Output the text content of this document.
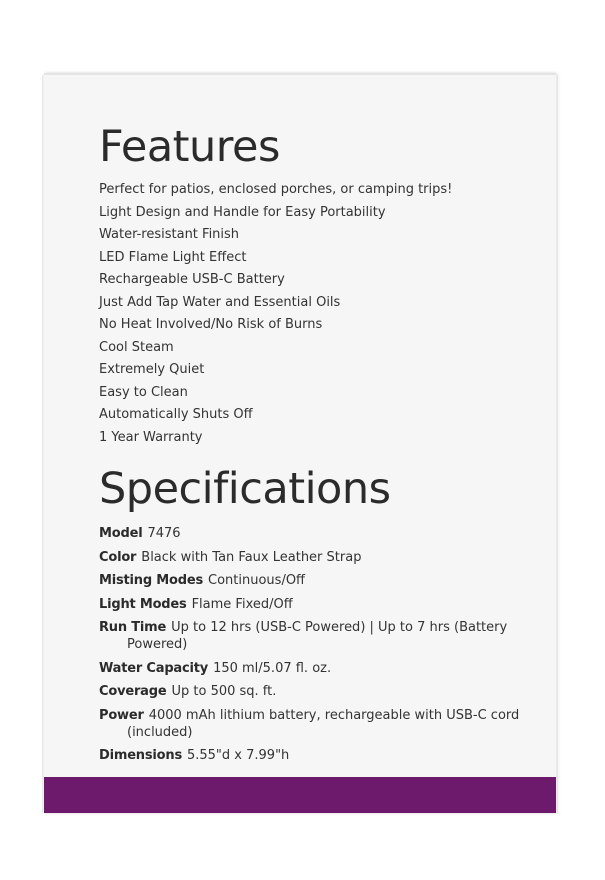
Features
Perfect for patios, enclosed porches, or camping trips!
Light Design and Handle for Easy Portability
Water-resistant Finish
LED Flame Light Effect
Rechargeable USB-C Battery
Just Add Tap Water and Essential Oils
No Heat Involved/No Risk of Burns
Cool Steam
Extremely Quiet
Easy to Clean
Automatically Shuts Off
1 Year Warranty
Specifications
Model 7476
Color Black with Tan Faux Leather Strap
Misting Modes Continuous/Off
Light Modes Flame Fixed/Off
Run Time Up to 12 hrs (USB-C Powered) | Up to 7 hrs (Battery Powered)
Water Capacity 150 ml/5.07 fl. oz.
Coverage Up to 500 sq. ft.
Power 4000 mAh lithium battery, rechargeable with USB-C cord (included)
Dimensions 5.55"d x 7.99"h
